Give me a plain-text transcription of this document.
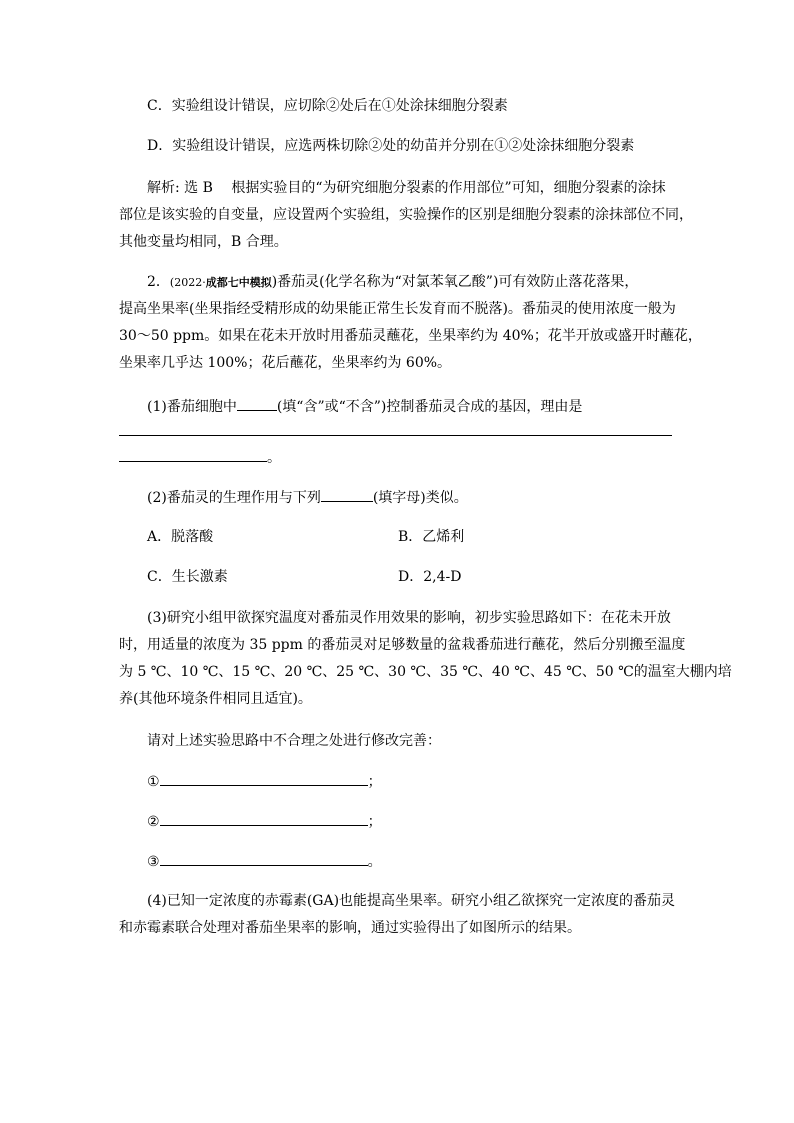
C．实验组设计错误，应切除②处后在①处涂抹细胞分裂素
D．实验组设计错误，应选两株切除②处的幼苗并分别在①②处涂抹细胞分裂素
解析: 选 B　 根据实验目的“为研究细胞分裂素的作用部位”可知，细胞分裂素的涂抹
部位是该实验的自变量，应设置两个实验组，实验操作的区别是细胞分裂素的涂抹部位不同，
其他变量均相同，B 合理。
2．(2022·成都七中模拟)番茄灵(化学名称为“对氯苯氧乙酸”)可有效防止落花落果，
提高坐果率(坐果指经受精形成的幼果能正常生长发育而不脱落)。番茄灵的使用浓度一般为
30～50 ppm。如果在花未开放时用番茄灵蘸花，坐果率约为 40%；花半开放或盛开时蘸花，
坐果率几乎达 100%；花后蘸花，坐果率约为 60%。
(1)番茄细胞中	(填“含”或“不含”)控制番茄灵合成的基因，理由是
。
(2)番茄灵的生理作用与下列	(填字母)类似。
A．脱落酸	B．乙烯利
C．生长激素	D．2,4-D
(3)研究小组甲欲探究温度对番茄灵作用效果的影响，初步实验思路如下：在花未开放
时，用适量的浓度为 35 ppm 的番茄灵对足够数量的盆栽番茄进行蘸花，然后分别搬至温度
为 5 ℃、10 ℃、15 ℃、20 ℃、25 ℃、30 ℃、35 ℃、40 ℃、45 ℃、50 ℃的温室大棚内培
养(其他环境条件相同且适宜)。
请对上述实验思路中不合理之处进行修改完善：
①	；
②	；
③	。
(4)已知一定浓度的赤霉素(GA)也能提高坐果率。研究小组乙欲探究一定浓度的番茄灵
和赤霉素联合处理对番茄坐果率的影响，通过实验得出了如图所示的结果。
